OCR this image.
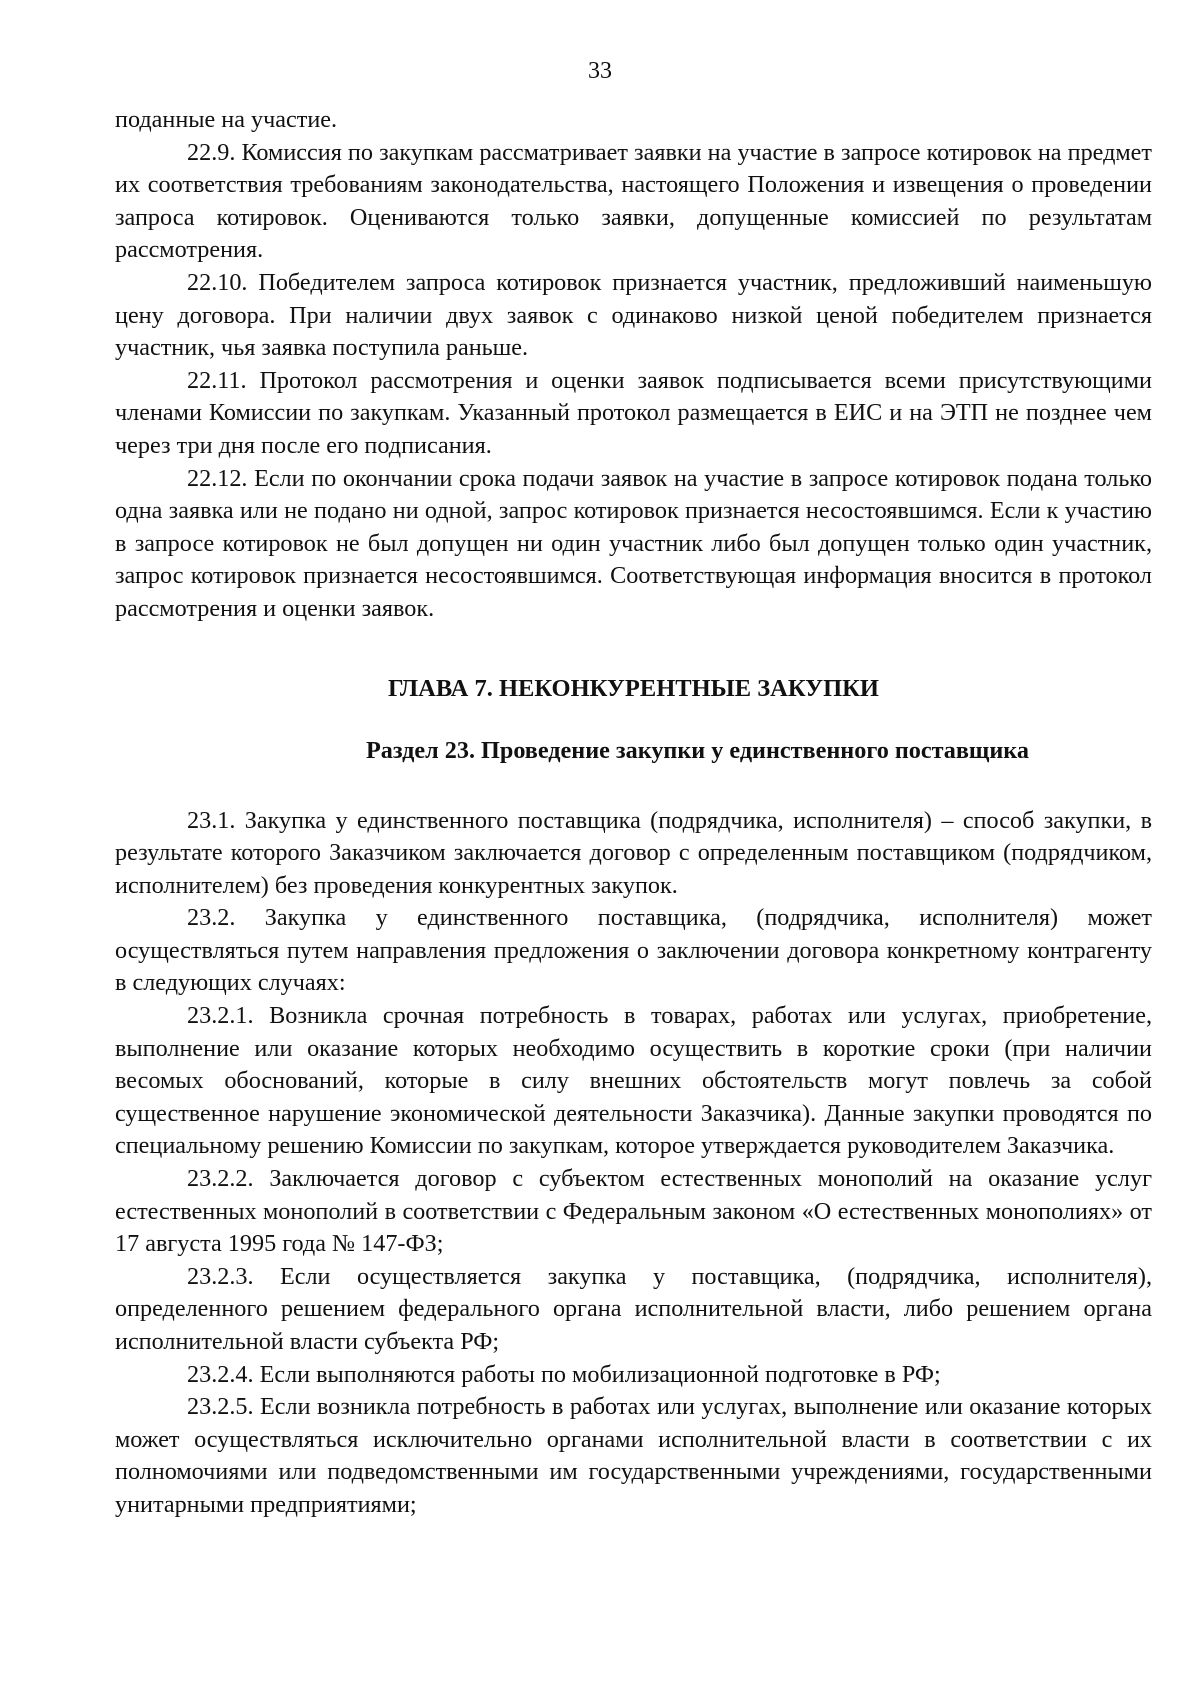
33

поданные на участие.

22.9. Комиссия по закупкам рассматривает заявки на участие в запросе котировок на предмет их соответствия требованиям законодательства, настоящего Положения и извещения о проведении запроса котировок. Оцениваются только заявки, допущенные комиссией по результатам рассмотрения.

22.10. Победителем запроса котировок признается участник, предложивший наименьшую цену договора. При наличии двух заявок с одинаково низкой ценой победителем признается участник, чья заявка поступила раньше.

22.11. Протокол рассмотрения и оценки заявок подписывается всеми присутствующими членами Комиссии по закупкам. Указанный протокол размещается в ЕИС и на ЭТП не позднее чем через три дня после его подписания.

22.12. Если по окончании срока подачи заявок на участие в запросе котировок подана только одна заявка или не подано ни одной, запрос котировок признается несостоявшимся. Если к участию в запросе котировок не был допущен ни один участник либо был допущен только один участник, запрос котировок признается несостоявшимся. Соответствующая информация вносится в протокол рассмотрения и оценки заявок.

ГЛАВА 7. НЕКОНКУРЕНТНЫЕ ЗАКУПКИ
Раздел 23. Проведение закупки у единственного поставщика

23.1. Закупка у единственного поставщика (подрядчика, исполнителя) – способ закупки, в результате которого Заказчиком заключается договор с определенным поставщиком (подрядчиком, исполнителем) без проведения конкурентных закупок.

23.2. Закупка у единственного поставщика, (подрядчика, исполнителя) может осуществляться путем направления предложения о заключении договора конкретному контрагенту в следующих случаях:

23.2.1. Возникла срочная потребность в товарах, работах или услугах, приобретение, выполнение или оказание которых необходимо осуществить в короткие сроки (при наличии весомых обоснований, которые в силу внешних обстоятельств могут повлечь за собой существенное нарушение экономической деятельности Заказчика). Данные закупки проводятся по специальному решению Комиссии по закупкам, которое утверждается руководителем Заказчика.

23.2.2. Заключается договор с субъектом естественных монополий на оказание услуг естественных монополий в соответствии с Федеральным законом «О естественных монополиях» от 17 августа 1995 года № 147-ФЗ;

23.2.3. Если осуществляется закупка у поставщика, (подрядчика, исполнителя), определенного решением федерального органа исполнительной власти, либо решением органа исполнительной власти субъекта РФ;

23.2.4. Если выполняются работы по мобилизационной подготовке в РФ;

23.2.5. Если возникла потребность в работах или услугах, выполнение или оказание которых может осуществляться исключительно органами исполнительной власти в соответствии с их полномочиями или подведомственными им государственными учреждениями, государственными унитарными предприятиями;
